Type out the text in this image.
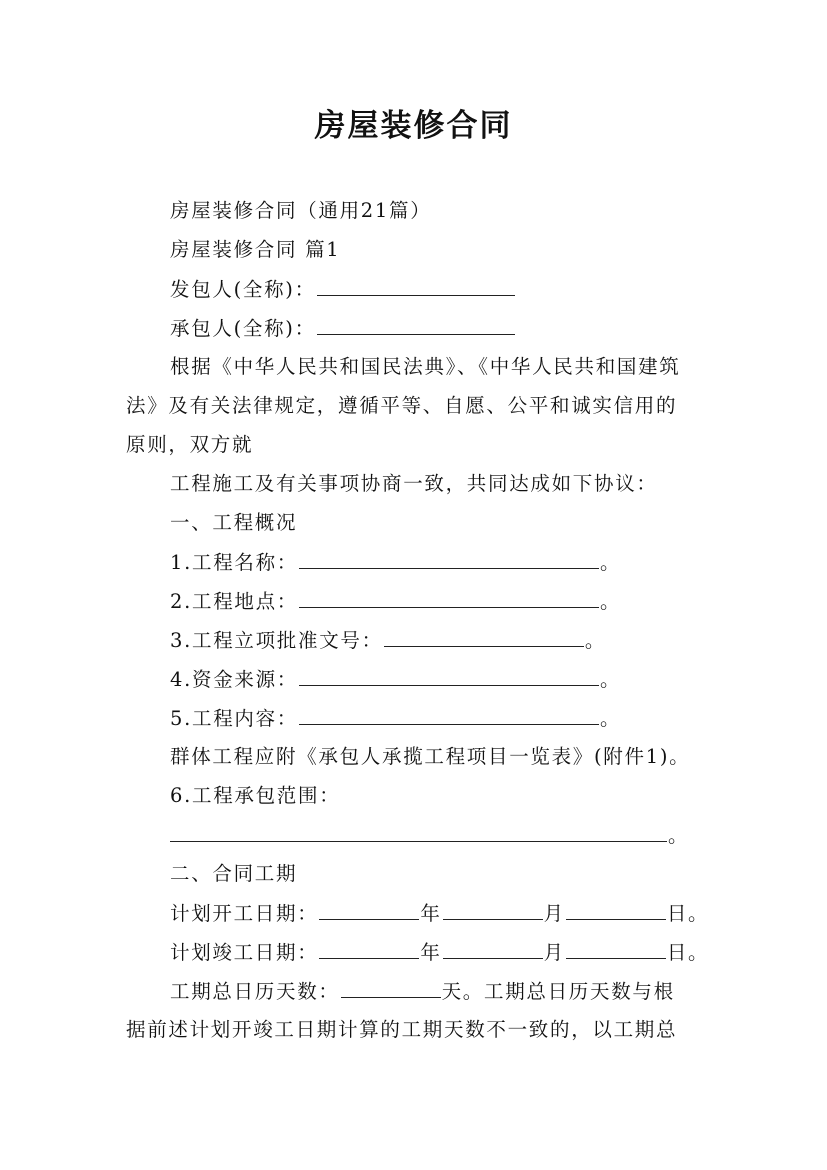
房屋装修合同

房屋装修合同（通用21篇）

房屋装修合同 篇1

发包人(全称)：

承包人(全称)：

根据《中华人民共和国民法典》、《中华人民共和国建筑

法》及有关法律规定，遵循平等、自愿、公平和诚实信用的

原则，双方就

工程施工及有关事项协商一致，共同达成如下协议：

一、工程概况

1.工程名称：	。

2.工程地点：	。

3.工程立项批准文号：	。

4.资金来源：	。

5.工程内容：	。

群体工程应附《承包人承揽工程项目一览表》(附件1)。

6.工程承包范围：

。

二、合同工期

计划开工日期：	年	月	日。

计划竣工日期：	年	月	日。

工期总日历天数：	天。工期总日历天数与根

据前述计划开竣工日期计算的工期天数不一致的，以工期总
